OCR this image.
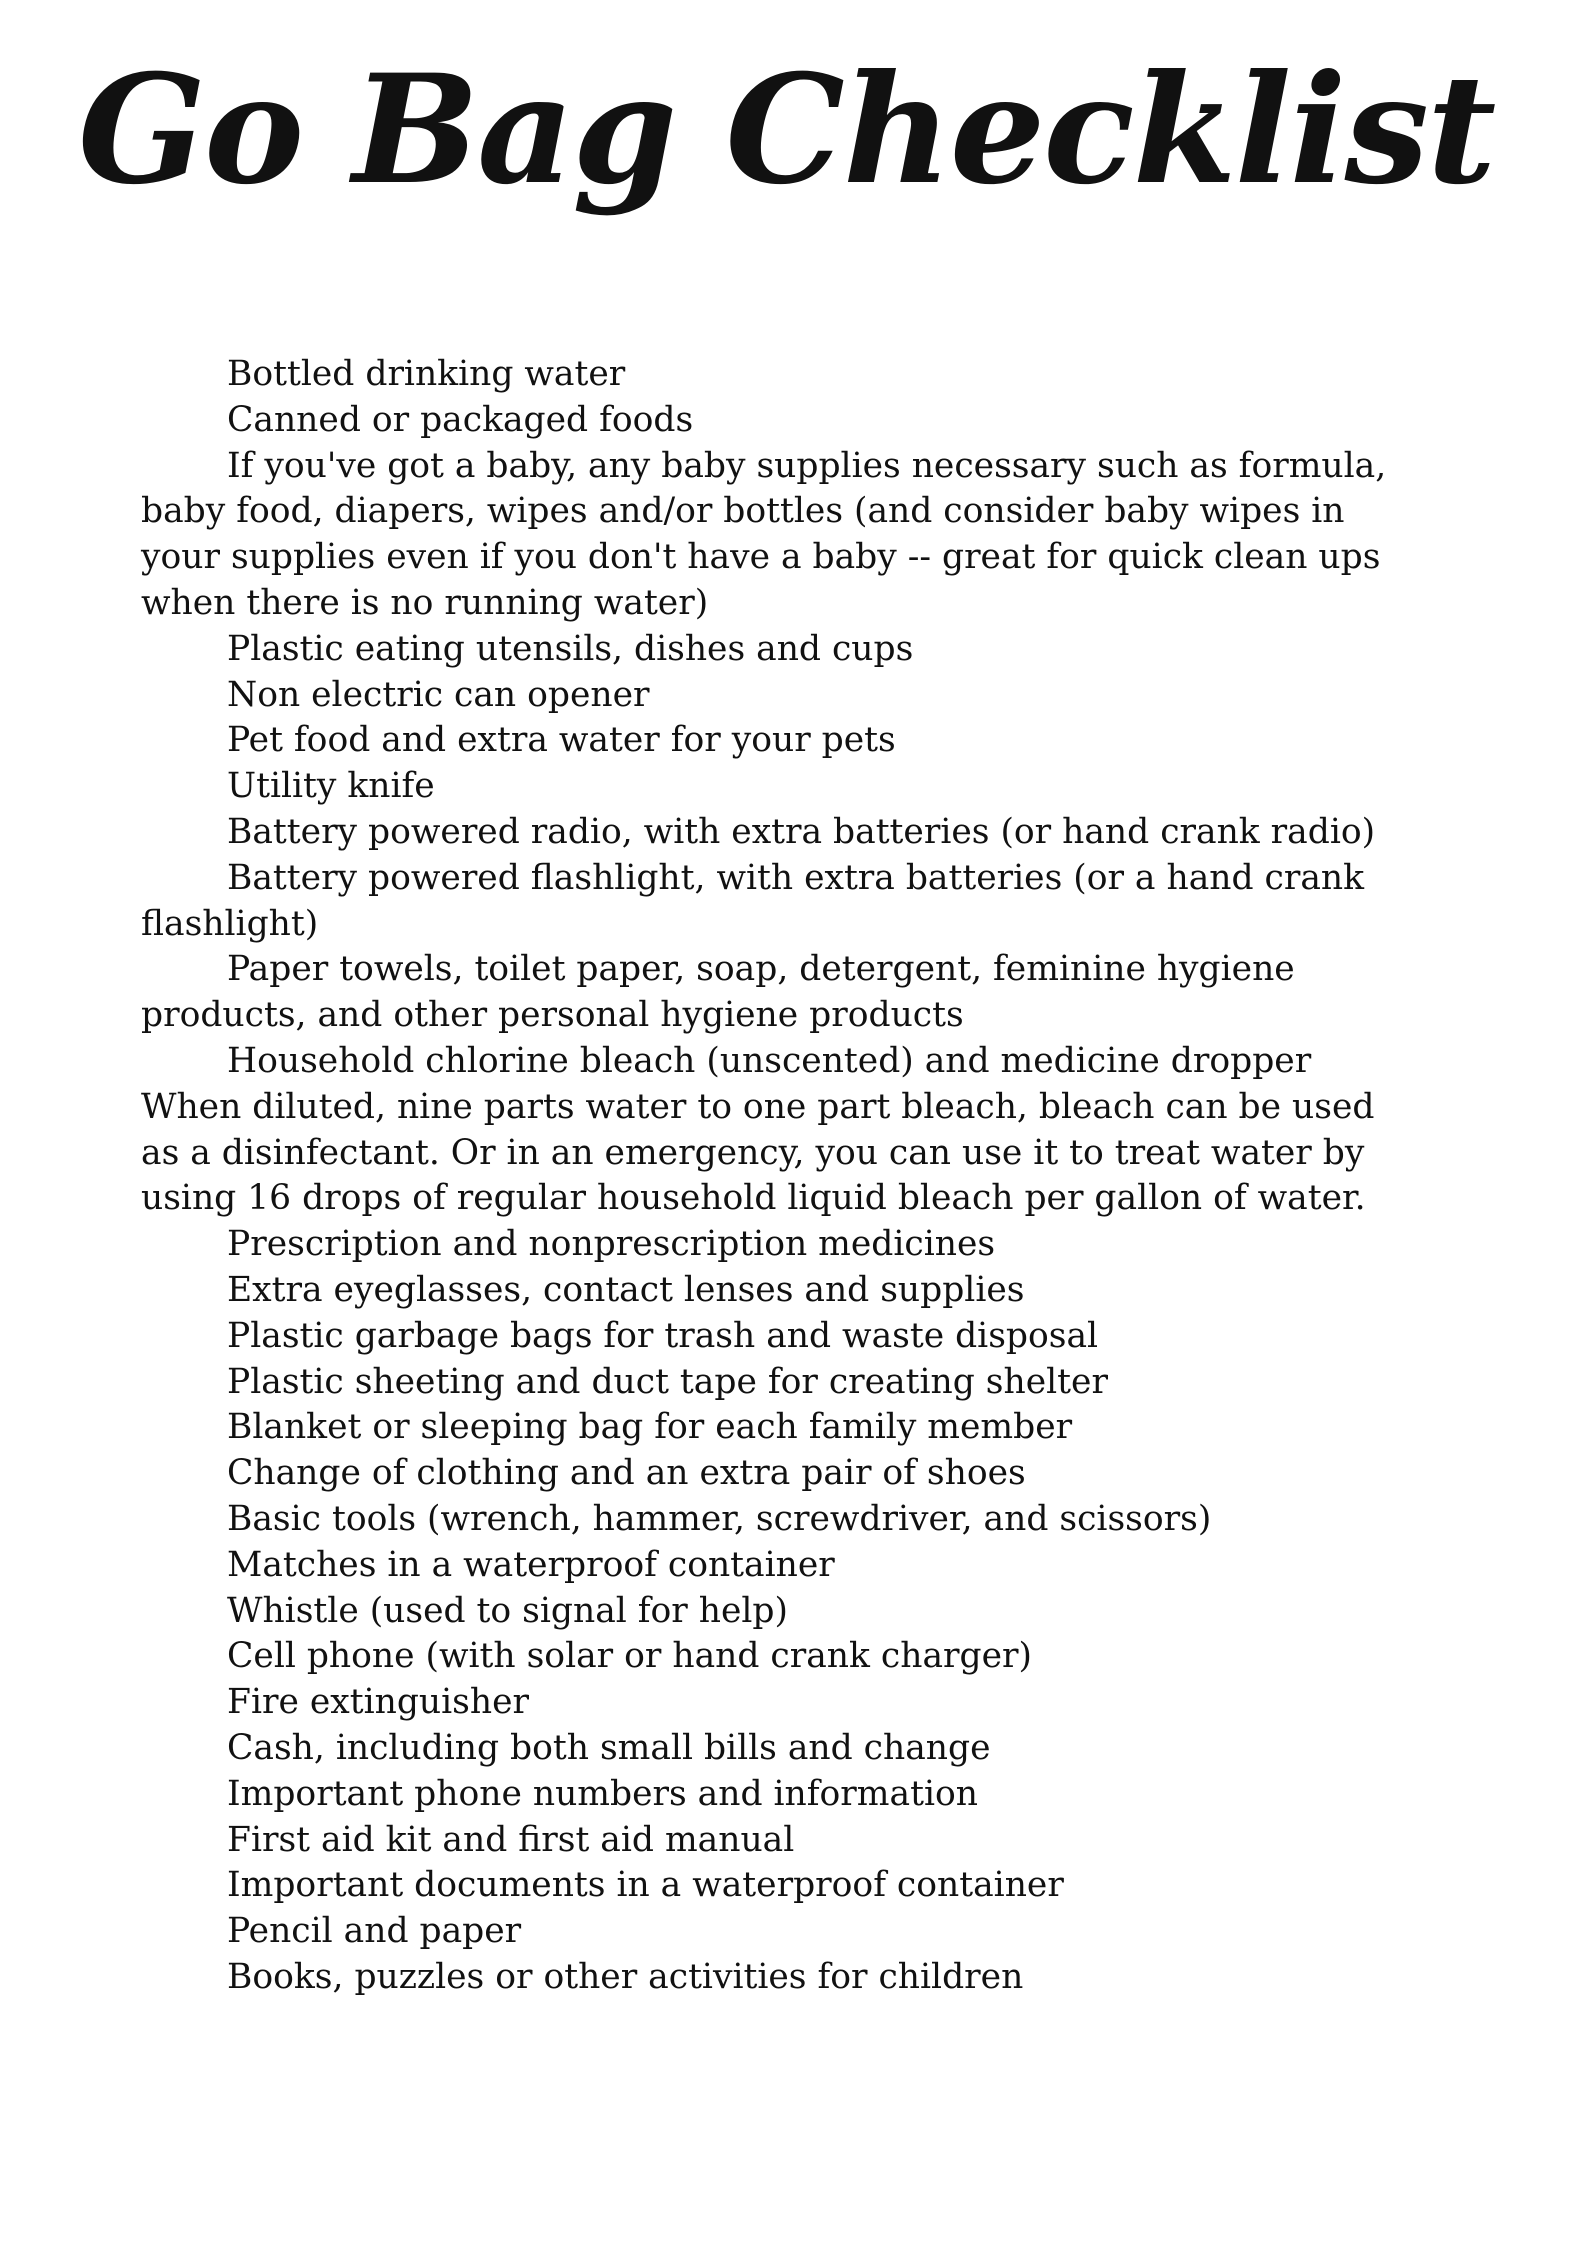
Go Bag Checklist

Bottled drinking water

Canned or packaged foods

If you've got a baby, any baby supplies necessary such as formula, baby food, diapers, wipes and/or bottles (and consider baby wipes in your supplies even if you don't have a baby -- great for quick clean ups when there is no running water)

Plastic eating utensils, dishes and cups

Non electric can opener

Pet food and extra water for your pets

Utility knife

Battery powered radio, with extra batteries (or hand crank radio)

Battery powered flashlight, with extra batteries (or a hand crank flashlight)

Paper towels, toilet paper, soap, detergent, feminine hygiene products, and other personal hygiene products

Household chlorine bleach (unscented) and medicine dropper

When diluted, nine parts water to one part bleach, bleach can be used as a disinfectant. Or in an emergency, you can use it to treat water by using 16 drops of regular household liquid bleach per gallon of water.

Prescription and nonprescription medicines

Extra eyeglasses, contact lenses and supplies

Plastic garbage bags for trash and waste disposal

Plastic sheeting and duct tape for creating shelter

Blanket or sleeping bag for each family member

Change of clothing and an extra pair of shoes

Basic tools (wrench, hammer, screwdriver, and scissors)

Matches in a waterproof container

Whistle (used to signal for help)

Cell phone (with solar or hand crank charger)

Fire extinguisher

Cash, including both small bills and change

Important phone numbers and information

First aid kit and first aid manual

Important documents in a waterproof container

Pencil and paper

Books, puzzles or other activities for children
